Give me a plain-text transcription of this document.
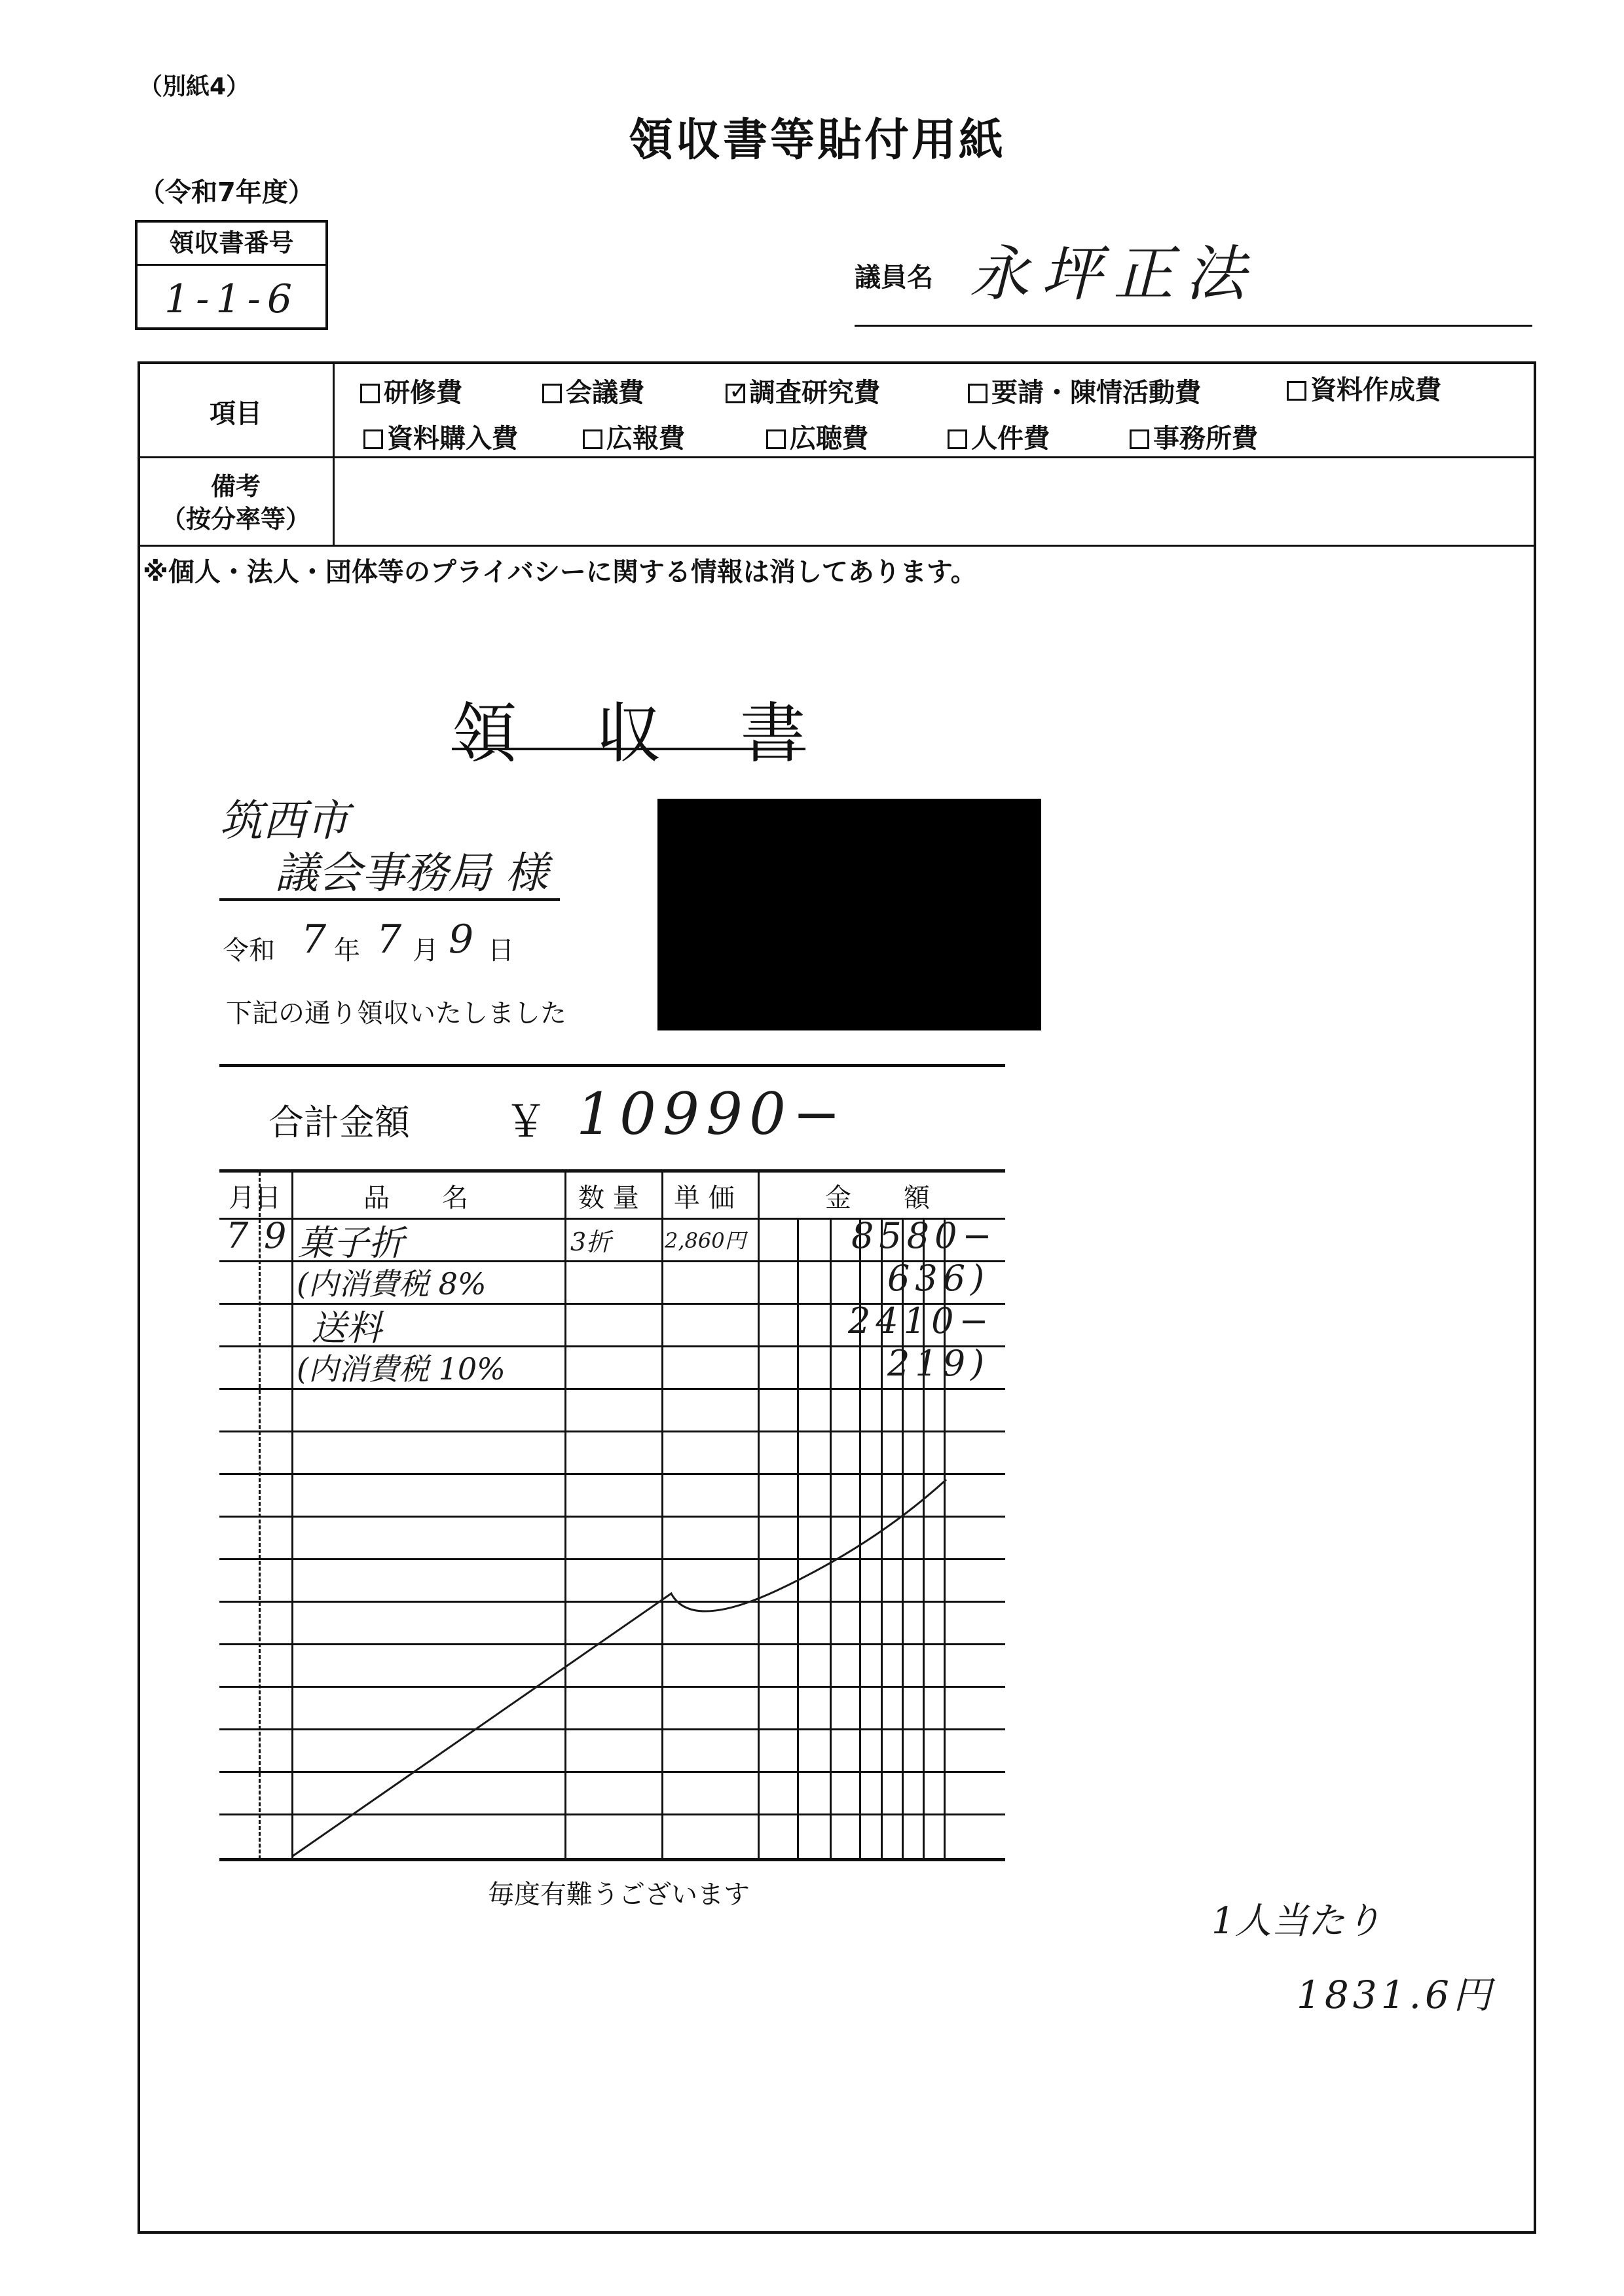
（別紙4）
領収書等貼付用紙
（令和7年度）
領収書番号
1-1-6	議員名 永坪正法
項目
研修費	会議費
✓	調査研究費	要請・陳情活動費	資料作成費
資料購入費	広報費	広聴費	人件費	事務所費
備考
（按分率等）
※個人・法人・団体等のプライバシーに関する情報は消してあります。
領収書
筑西市
議会事務局 様
令和 7 年 7 月 9 日
下記の通り領収いたしました
合計金額 ￥ 10990−
月日	品　　名	数 量 単 価	金　　額
7 9 菓子折	3折	2,860円	8580−
(内消費税 8%	636)
送料	2410−
(内消費税 10%	219)
毎度有難うございます
1人当たり
1831.6円
